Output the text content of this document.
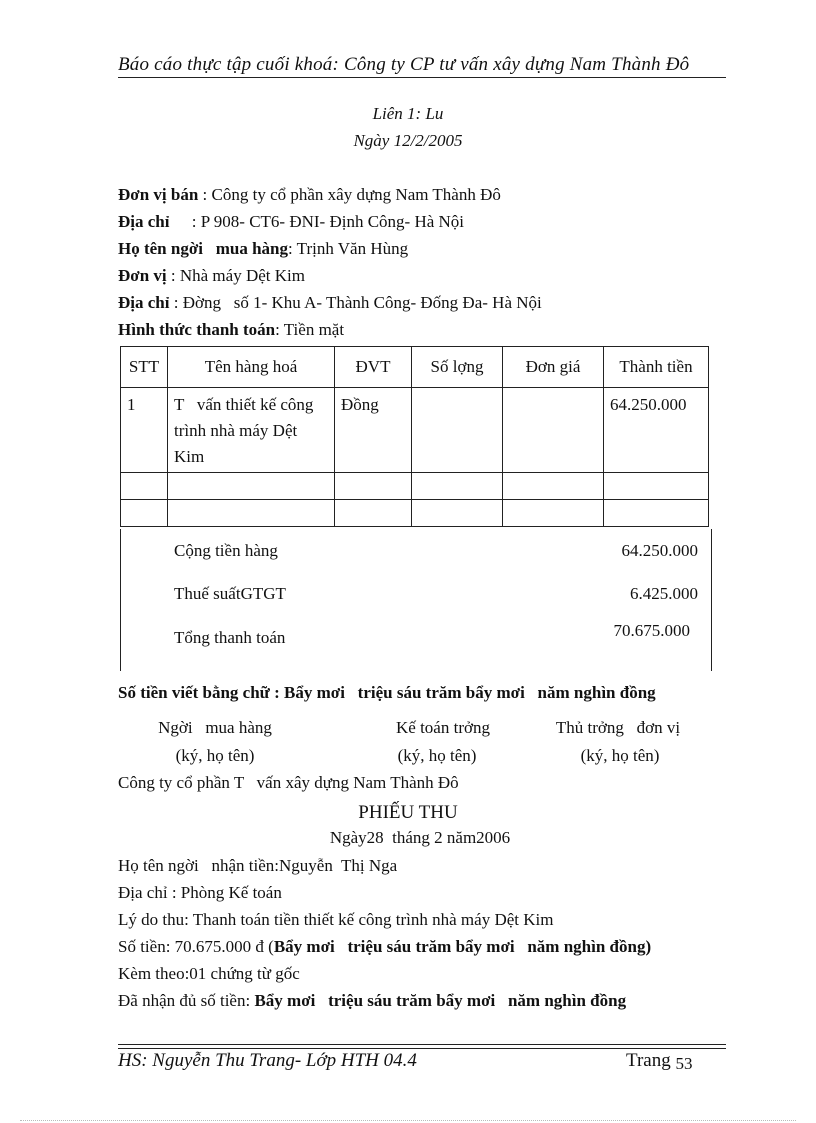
Báo cáo thực tập cuối khoá: Công ty CP tư vấn xây dựng Nam Thành Đô
Liên 1: Lu
Ngày 12/2/2005
Đơn vị bán : Công ty cổ phần xây dựng Nam Thành Đô
Địa chỉ : P 908- CT6- ĐNI- Định Công- Hà Nội
Họ tên ngời   mua hàng: Trịnh Văn Hùng
Đơn vị : Nhà máy Dệt Kim
Địa chỉ : Đờng   số 1- Khu A- Thành Công- Đống Đa- Hà Nội
Hình thức thanh toán: Tiền mặt
STT	Tên hàng hoá	ĐVT	Số lợng	Đơn giá	Thành tiền
1	T   vấn thiết kế công trình nhà máy Dệt Kim	Đồng			64.250.000

Cộng tiền hàng	64.250.000
Thuế suấtGTGT	6.425.000
Tổng thanh toán	70.675.000
Số tiền viết bằng chữ : Bẩy mơi   triệu sáu trăm bẩy mơi   năm nghìn đồng
Ngời   mua hàng
(ký, họ tên)
Kế toán trởng
(ký, họ tên)
Thủ trởng   đơn vị
(ký, họ tên)
Công ty cổ phần T   vấn xây dựng Nam Thành Đô
PHIẾU THU
Ngày28  tháng 2 năm2006
Họ tên ngời   nhận tiền:Nguyễn  Thị Nga
Địa chỉ : Phòng Kế toán
Lý do thu: Thanh toán tiền thiết kế công trình nhà máy Dệt Kim
Số tiền: 70.675.000 đ (Bẩy mơi   triệu sáu trăm bẩy mơi   năm nghìn đồng)
Kèm theo:01 chứng từ gốc
Đã nhận đủ số tiền: Bẩy mơi   triệu sáu trăm bẩy mơi   năm nghìn đồng
HS: Nguyễn Thu Trang- Lớp HTH 04.4	Trang 53
